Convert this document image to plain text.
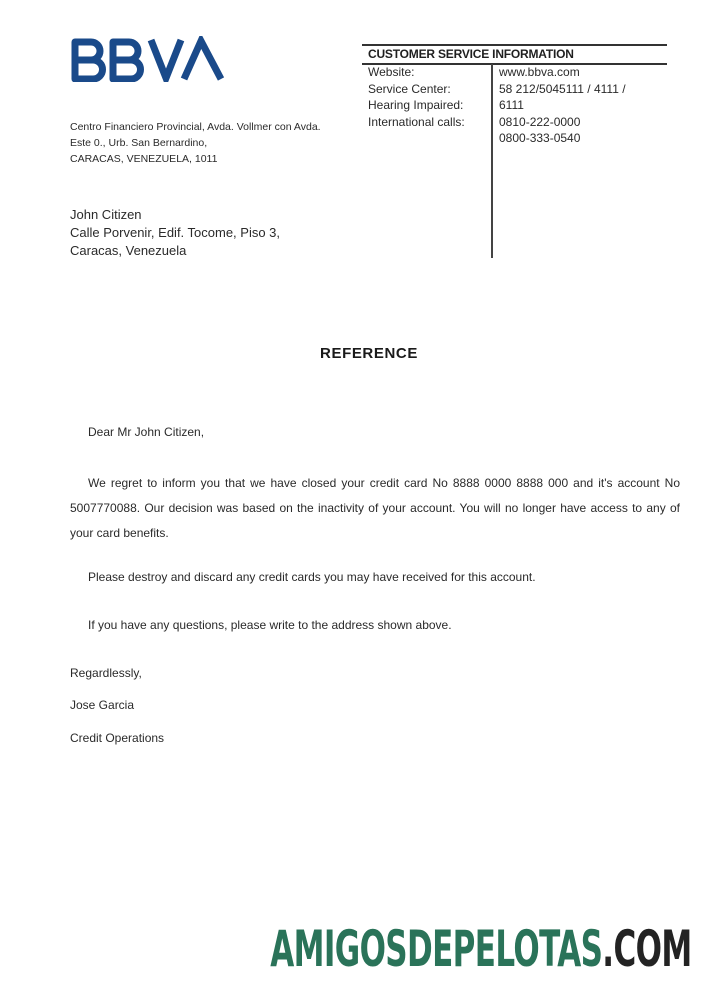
Centro Financiero Provincial, Avda. Vollmer con Avda.
Este 0., Urb. San Bernardino,
CARACAS, VENEZUELA, 1011
CUSTOMER SERVICE INFORMATION
Website:
Service Center:
Hearing Impaired:
International calls:
www.bbva.com
58 212/5045111 / 4111 /
6111
0810-222-0000
0800-333-0540
John Citizen
Calle Porvenir, Edif. Tocome, Piso 3,
Caracas, Venezuela
REFERENCE
Dear Mr John Citizen,
We regret to inform you that we have closed your credit card No 8888 0000 8888 000 and it's account No 5007770088. Our decision was based on the inactivity of your account. You will no longer have access to any of your card benefits.
Please destroy and discard any credit cards you may have received for this account.
If you have any questions, please write to the address shown above.
Regardlessly,
Jose Garcia
Credit Operations
AMIGOSDEPELOTAS.COM
